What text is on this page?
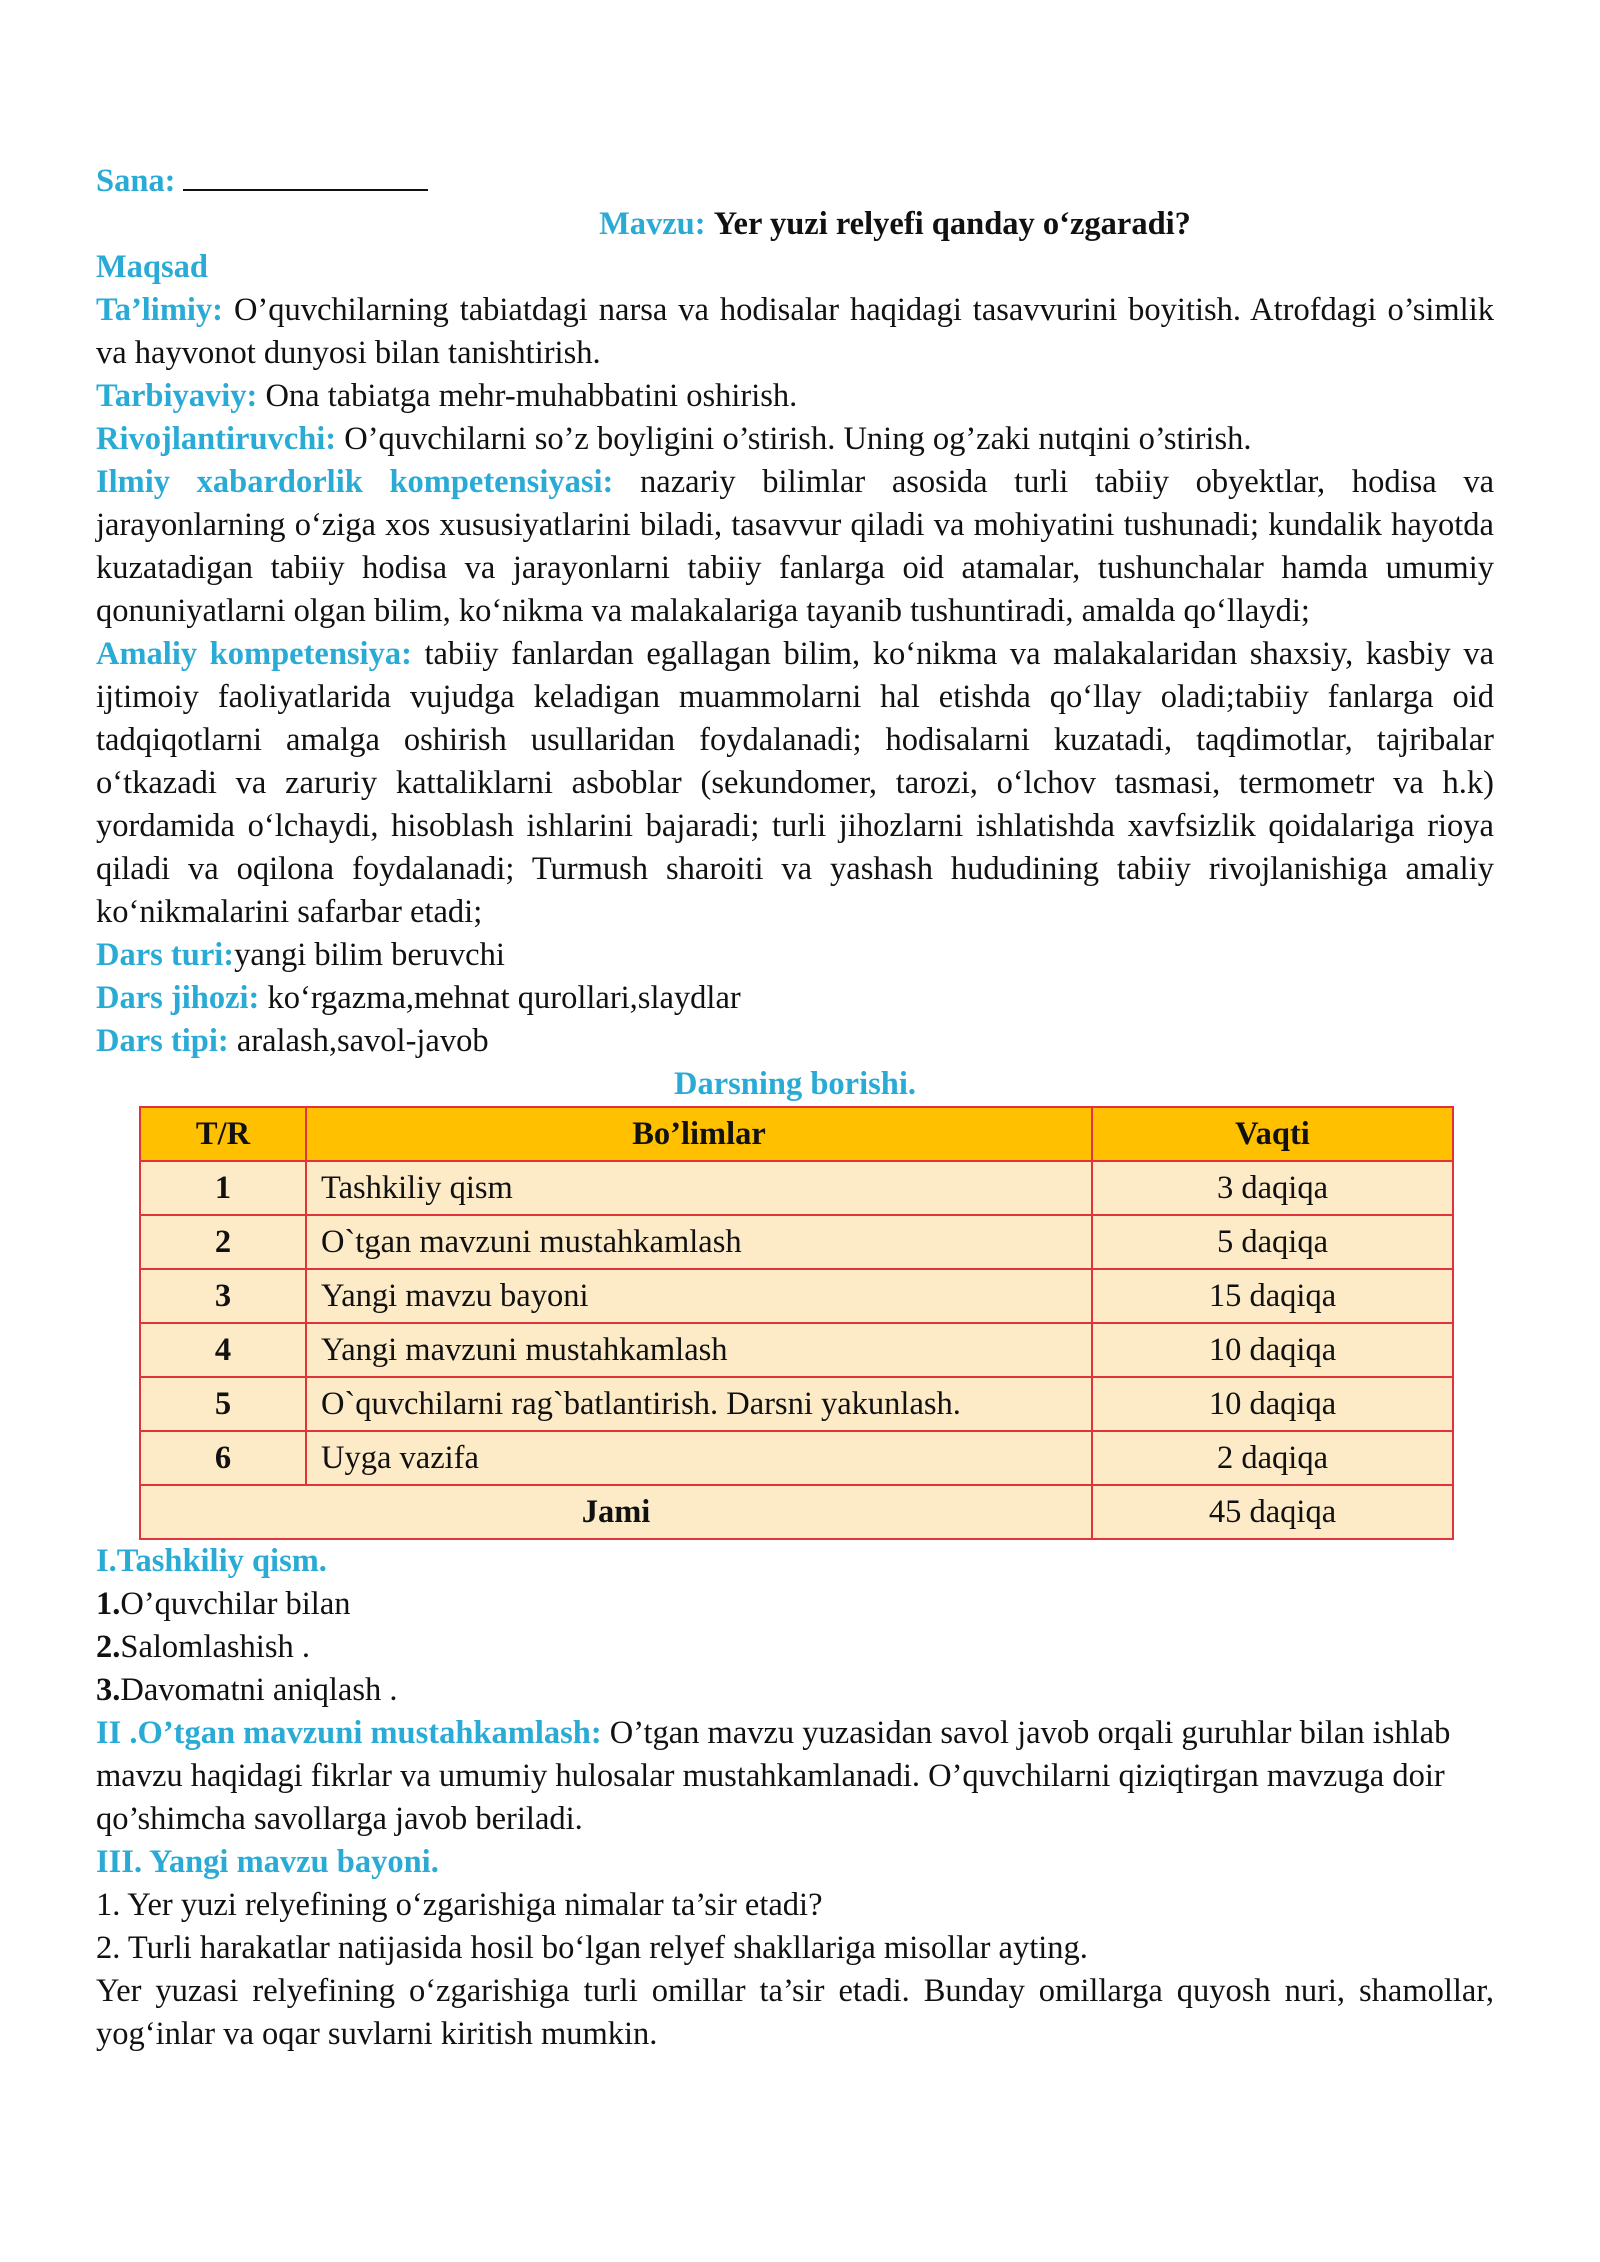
Sana:

Mavzu: Yer yuzi relyefi qanday o‘zgaradi?

Maqsad

Ta’limiy: O’quvchilarning tabiatdagi narsa va hodisalar haqidagi tasavvurini boyitish. Atrofdagi o’simlik va hayvonot dunyosi bilan tanishtirish.

Tarbiyaviy: Ona tabiatga mehr-muhabbatini oshirish.

Rivojlantiruvchi: O’quvchilarni so’z boyligini o’stirish. Uning og’zaki nutqini o’stirish.

Ilmiy xabardorlik kompetensiyasi: nazariy bilimlar asosida turli tabiiy obyektlar, hodisa va jarayonlarning o‘ziga xos xususiyatlarini biladi, tasavvur qiladi va mohiyatini tushunadi; kundalik hayotda kuzatadigan tabiiy hodisa va jarayonlarni tabiiy fanlarga oid atamalar, tushunchalar hamda umumiy qonuniyatlarni olgan bilim, ko‘nikma va malakalariga tayanib tushuntiradi, amalda qo‘llaydi;

Amaliy kompetensiya: tabiiy fanlardan egallagan bilim, ko‘nikma va malakalaridan shaxsiy, kasbiy va ijtimoiy faoliyatlarida vujudga keladigan muammolarni hal etishda qo‘llay oladi;tabiiy fanlarga oid tadqiqotlarni amalga oshirish usullaridan foydalanadi; hodisalarni kuzatadi, taqdimotlar, tajribalar o‘tkazadi va zaruriy kattaliklarni asboblar (sekundomer, tarozi, o‘lchov tasmasi, termometr va h.k) yordamida o‘lchaydi, hisoblash ishlarini bajaradi; turli jihozlarni ishlatishda xavfsizlik qoidalariga rioya qiladi va oqilona foydalanadi; Turmush sharoiti va yashash hududining tabiiy rivojlanishiga amaliy ko‘nikmalarini safarbar etadi;

Dars turi:yangi bilim beruvchi

Dars jihozi: ko‘rgazma,mehnat qurollari,slaydlar

Dars tipi: aralash,savol-javob

Darsning borishi.

T/R	Bo’limlar	Vaqti
1	Tashkiliy qism	3 daqiqa
2	O`tgan mavzuni mustahkamlash	5 daqiqa
3	Yangi mavzu bayoni	15 daqiqa
4	Yangi mavzuni mustahkamlash	10 daqiqa
5	O`quvchilarni rag`batlantirish. Darsni yakunlash.	10 daqiqa
6	Uyga vazifa	2 daqiqa
Jami		45 daqiqa

I.Tashkiliy qism.

1.O’quvchilar bilan

2.Salomlashish .

3.Davomatni aniqlash .

II .O’tgan mavzuni mustahkamlash: O’tgan mavzu yuzasidan savol javob orqali guruhlar bilan ishlab mavzu haqidagi fikrlar va umumiy hulosalar mustahkamlanadi. O’quvchilarni qiziqtirgan mavzuga doir qo’shimcha savollarga javob beriladi.

III. Yangi mavzu bayoni.

1. Yer yuzi relyefining o‘zgarishiga nimalar ta’sir etadi?

2. Turli harakatlar natijasida hosil bo‘lgan relyef shakllariga misollar ayting.

Yer yuzasi relyefining o‘zgarishiga turli omillar ta’sir etadi. Bunday omillarga quyosh nuri, shamollar, yog‘inlar va oqar suvlarni kiritish mumkin.
